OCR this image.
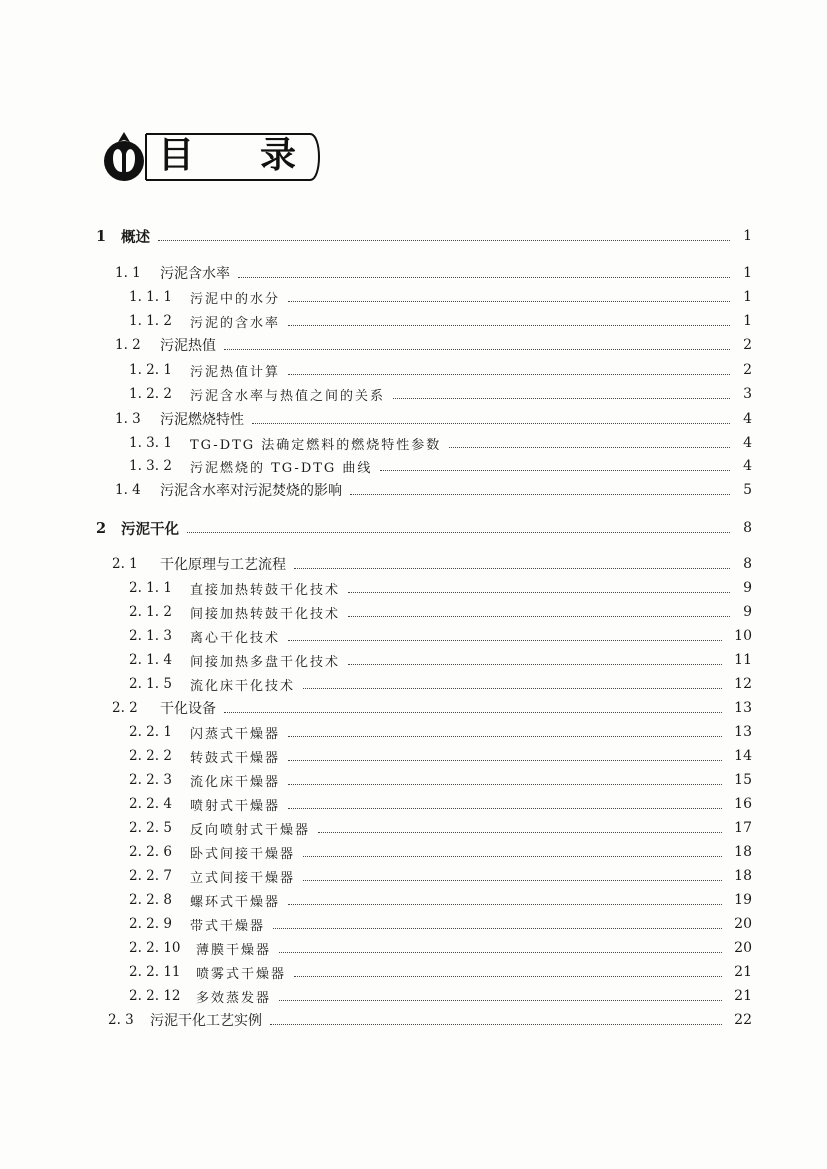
目 录
1 概述	1
1. 1 污泥含水率	1
1. 1. 1 污泥中的水分	1
1. 1. 2 污泥的含水率	1
1. 2 污泥热值	2
1. 2. 1 污泥热值计算	2
1. 2. 2 污泥含水率与热值之间的关系	3
1. 3 污泥燃烧特性	4
1. 3. 1 TG-DTG 法确定燃料的燃烧特性参数	4
1. 3. 2 污泥燃烧的 TG-DTG 曲线	4
1. 4 污泥含水率对污泥焚烧的影响	5
2 污泥干化	8
2. 1 干化原理与工艺流程	8
2. 1. 1 直接加热转鼓干化技术	9
2. 1. 2 间接加热转鼓干化技术	9
2. 1. 3 离心干化技术	10
2. 1. 4 间接加热多盘干化技术	11
2. 1. 5 流化床干化技术	12
2. 2 干化设备	13
2. 2. 1 闪蒸式干燥器	13
2. 2. 2 转鼓式干燥器	14
2. 2. 3 流化床干燥器	15
2. 2. 4 喷射式干燥器	16
2. 2. 5 反向喷射式干燥器	17
2. 2. 6 卧式间接干燥器	18
2. 2. 7 立式间接干燥器	18
2. 2. 8 螺环式干燥器	19
2. 2. 9 带式干燥器	20
2. 2. 10 薄膜干燥器	20
2. 2. 11 喷雾式干燥器	21
2. 2. 12 多效蒸发器	21
2. 3 污泥干化工艺实例	22
